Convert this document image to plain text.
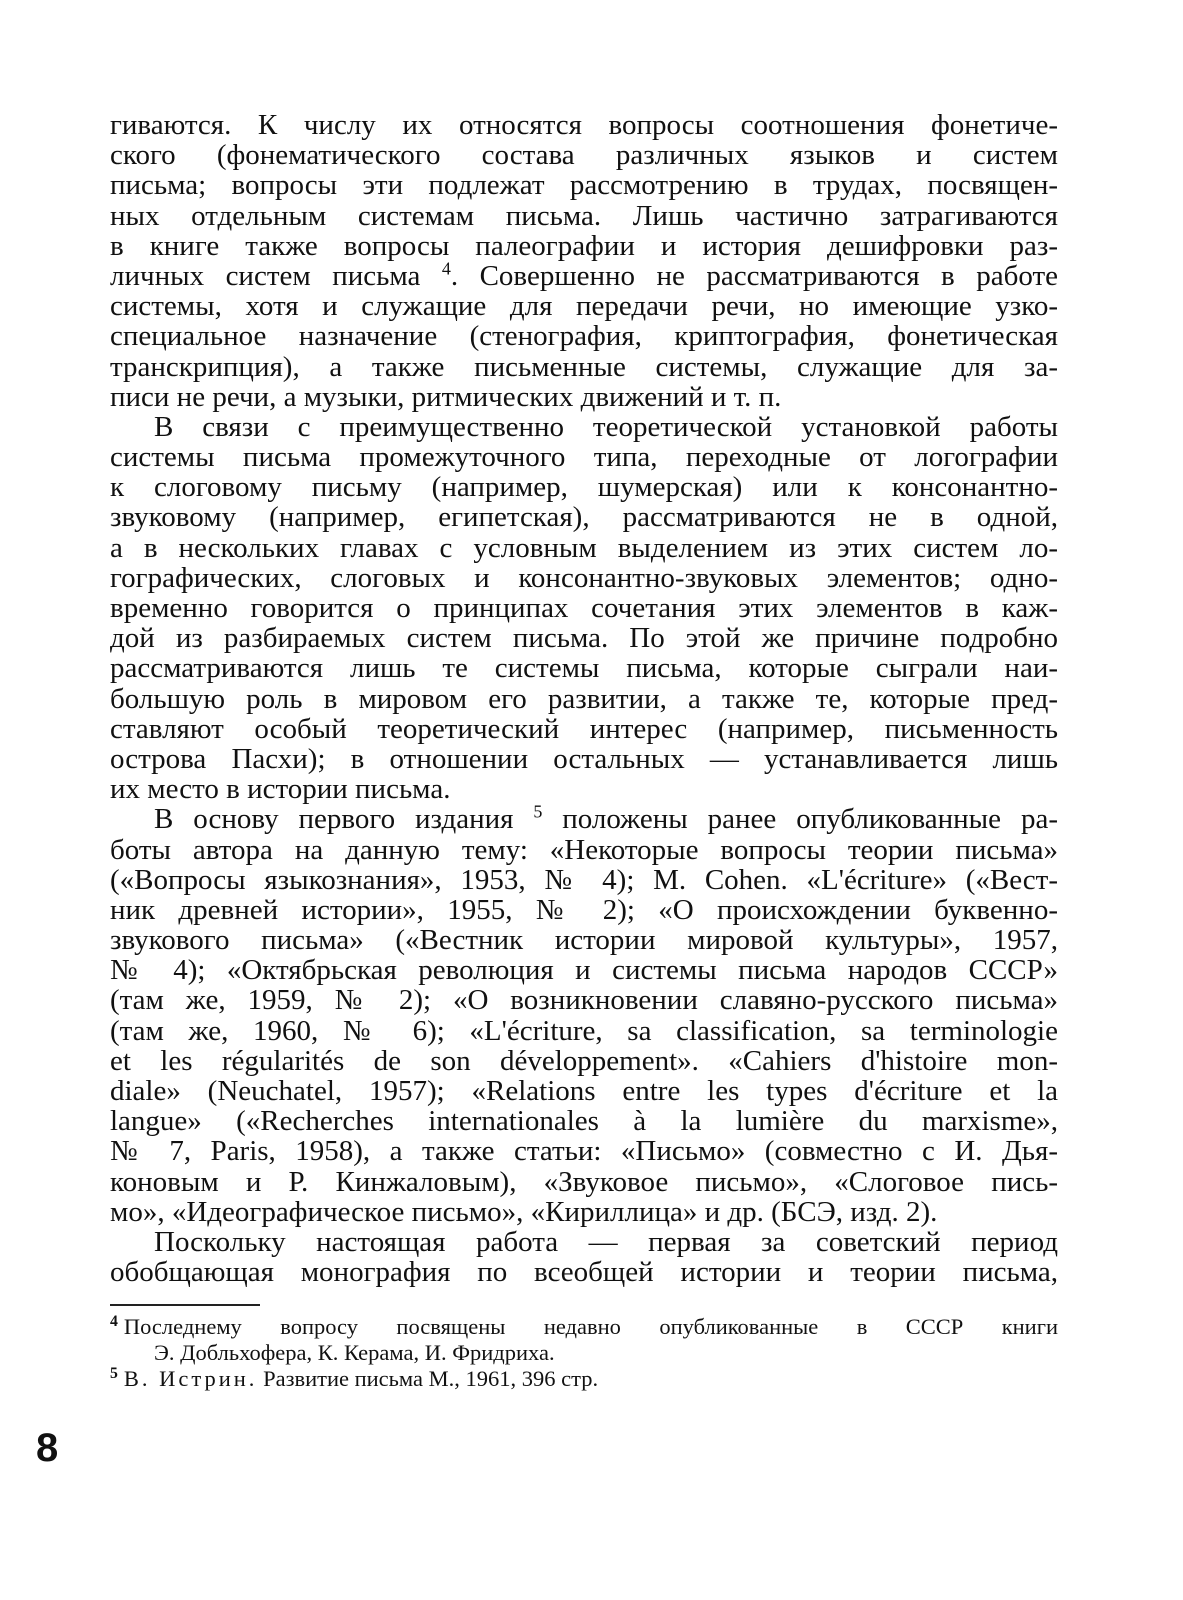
гиваются. К числу их относятся вопросы соотношения фонетиче-
ского (фонематического состава различных языков и систем
письма; вопросы эти подлежат рассмотрению в трудах, посвящен-
ных отдельным системам письма. Лишь частично затрагиваются
в книге также вопросы палеографии и история дешифровки раз-
личных систем письма $^4$. Совершенно не рассматриваются в работе
системы, хотя и служащие для передачи речи, но имеющие узко-
специальное назначение (стенография, криптография, фонетическая
транскрипция), а также письменные системы, служащие для за-
писи не речи, а музыки, ритмических движений и т. п.
В связи с преимущественно теоретической установкой работы
системы письма промежуточного типа, переходные от логографии
к слоговому письму (например, шумерская) или к консонантно-
звуковому (например, египетская), рассматриваются не в одной,
а в нескольких главах с условным выделением из этих систем ло-
гографических, слоговых и консонантно-звуковых элементов; одно-
временно говорится о принципах сочетания этих элементов в каж-
дой из разбираемых систем письма. По этой же причине подробно
рассматриваются лишь те системы письма, которые сыграли наи-
большую роль в мировом его развитии, а также те, которые пред-
ставляют особый теоретический интерес (например, письменность
острова Пасхи); в отношении остальных — устанавливается лишь
их место в истории письма.
В основу первого издания $^5$ положены ранее опубликованные ра-
боты автора на данную тему: «Некоторые вопросы теории письма»
(«Вопросы языкознания», 1953, № 4); М. Cohen. «L'écriture» («Вест-
ник древней истории», 1955, № 2); «О происхождении буквенно-
звукового письма» («Вестник истории мировой культуры», 1957,
№ 4); «Октябрьская революция и системы письма народов СССР»
(там же, 1959, № 2); «О возникновении славяно-русского письма»
(там же, 1960, № 6); «L'écriture, sa classification, sa terminologie
et les régularités de son développement». «Cahiers d'histoire mon-
diale» (Neuchatel, 1957); «Relations entre les types d'écriture et la
langue» («Recherches internationales à la lumière du marxisme»,
№ 7, Paris, 1958), а также статьи: «Письмо» (совместно с И. Дья-
коновым и Р. Кинжаловым), «Звуковое письмо», «Слоговое пись-
мо», «Идеографическое письмо», «Кириллица» и др. (БСЭ, изд. 2).
Поскольку настоящая работа — первая за советский период
обобщающая монография по всеобщей истории и теории письма,
$^4$ Последнему вопросу посвящены недавно опубликованные в СССР книги
Э. Добльхофера, К. Керама, И. Фридриха.
$^5$ В. Истрин. Развитие письма М., 1961, 396 стр.
8
